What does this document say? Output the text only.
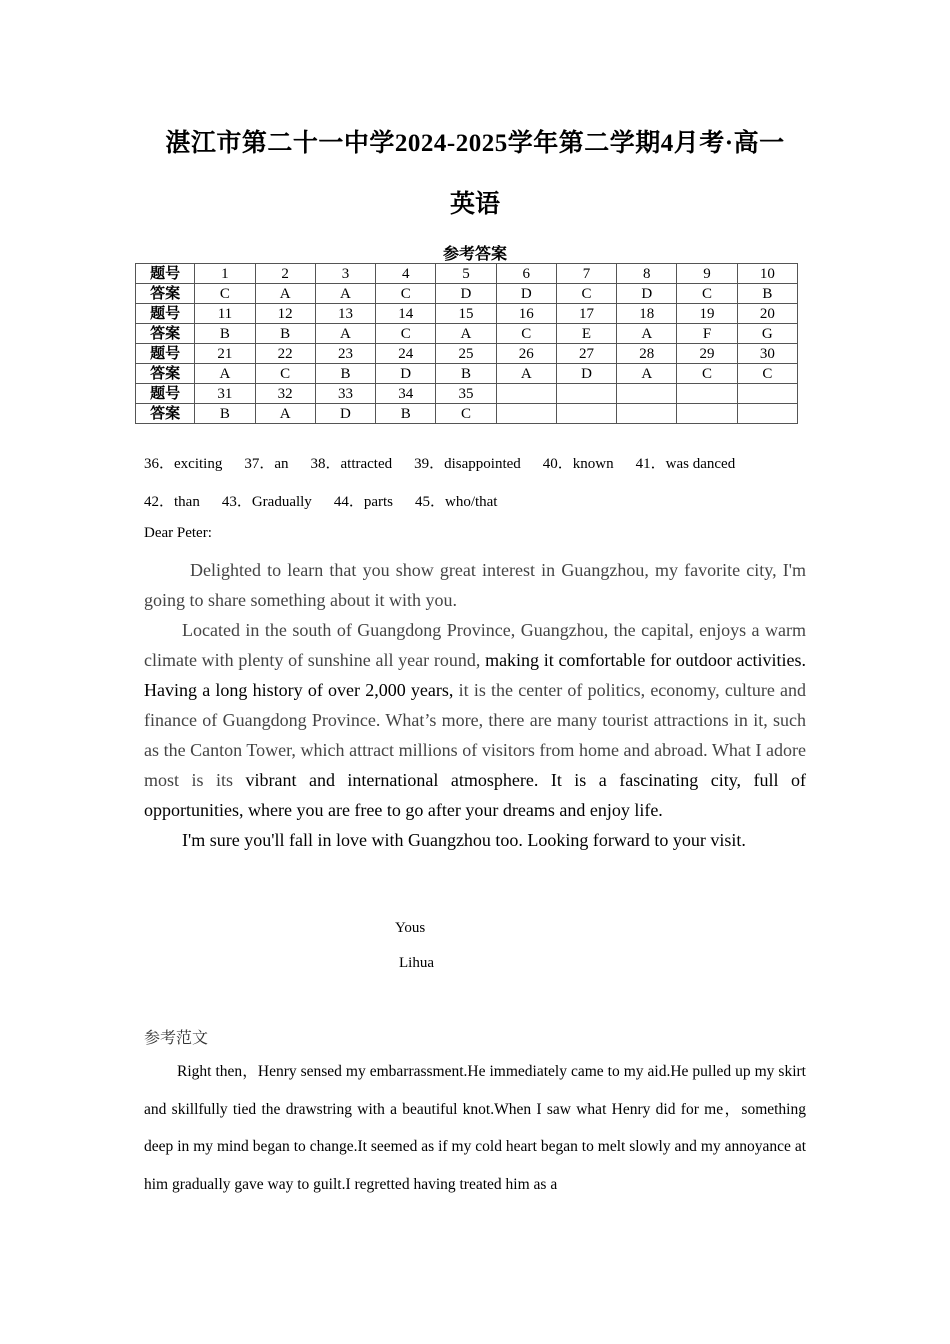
湛江市第二十一中学2024-2025学年第二学期4月考·高一
英语
参考答案
题号	1	2	3	4	5	6	7	8	9	10
答案	C	A	A	C	D	D	C	D	C	B
题号	11	12	13	14	15	16	17	18	19	20
答案	B	B	A	C	A	C	E	A	F	G
题号	21	22	23	24	25	26	27	28	29	30
答案	A	C	B	D	B	A	D	A	C	C
题号	31	32	33	34	35					
答案	B	A	D	B	C					
36．exciting 37．an 38．attracted 39．disappointed 40．known 41．was danced
42．than 43．Gradually 44．parts 45．who/that
Dear Peter:

Delighted to learn that you show great interest in Guangzhou, my favorite city, I'm going to share something about it with you.

Located in the south of Guangdong Province, Guangzhou, the capital, enjoys a warm climate with plenty of sunshine all year round, making it comfortable for outdoor activities. Having a long history of over 2,000 years, it is the center of politics, economy, culture and finance of Guangdong Province. What’s more, there are many tourist attractions in it, such as the Canton Tower, which attract millions of visitors from home and abroad. What I adore most is its vibrant and international atmosphere. It is a fascinating city, full of opportunities, where you are free to go after your dreams and enjoy life.

I'm sure you'll fall in love with Guangzhou too. Looking forward to your visit.

Yous
Lihua
参考范文
Right then，Henry sensed my embarrassment.He immediately came to my aid.He pulled up my skirt and skillfully tied the drawstring with a beautiful knot.When I saw what Henry did for me，something deep in my mind began to change.It seemed as if my cold heart began to melt slowly and my annoyance at him gradually gave way to guilt.I regretted having treated him as a
